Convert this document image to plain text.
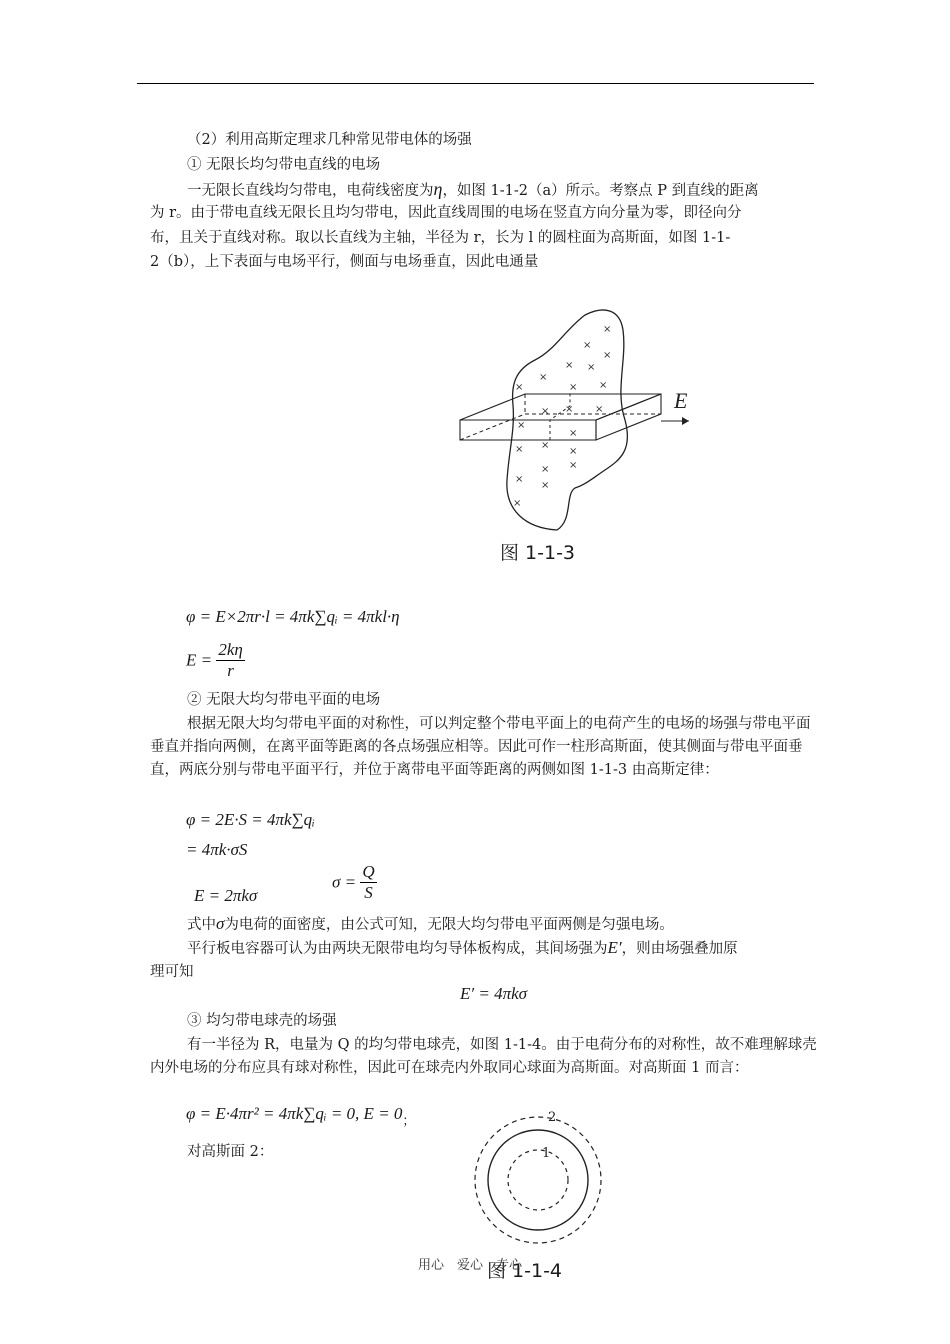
（2）利用高斯定理求几种常见带电体的场强
① 无限长均匀带电直线的电场
一无限长直线均匀带电，电荷线密度为η，如图 1-1-2（a）所示。考察点 P 到直线的距离
为 r。由于带电直线无限长且均匀带电，因此直线周围的电场在竖直方向分量为零，即径向分
布，且关于直线对称。取以长直线为主轴，半径为 r，长为 l 的圆柱面为高斯面，如图 1-1-
2（b），上下表面与电场平行，侧面与电场垂直，因此电通量
×
×
×
× ×
×
×
×	×
× × ×
×
×
× ×
×
× ×
×
×
×
E
图 1-1-3
φ = E×2πr·l = 4πk∑qᵢ = 4πkl·η
$E = \frac{2k\eta}{r}$
② 无限大均匀带电平面的电场
根据无限大均匀带电平面的对称性，可以判定整个带电平面上的电荷产生的电场的场强与带电平面垂直并指向两侧，在离平面等距离的各点场强应相等。因此可作一柱形高斯面，使其侧面与带电平面垂直，两底分别与带电平面平行，并位于离带电平面等距离的两侧如图 1-1-3 由高斯定律：
φ = 2E·S = 4πk∑qᵢ
= 4πk·σS
E = 2πkσ
$\sigma = \frac{Q}{S}$
式中σ为电荷的面密度，由公式可知，无限大均匀带电平面两侧是匀强电场。
平行板电容器可认为由两块无限带电均匀导体板构成，其间场强为E′，则由场强叠加原
理可知
E′ = 4πkσ
③ 均匀带电球壳的场强
有一半径为 R，电量为 Q 的均匀带电球壳，如图 1-1-4。由于电荷分布的对称性，故不难理解球壳内外电场的分布应具有球对称性，因此可在球壳内外取同心球面为高斯面。对高斯面 1 而言：
φ = E·4πr² = 4πk∑qᵢ = 0, $E = 0_;$
对高斯面 2：
2
1
用心　爱心　专心
图 1-1-4
